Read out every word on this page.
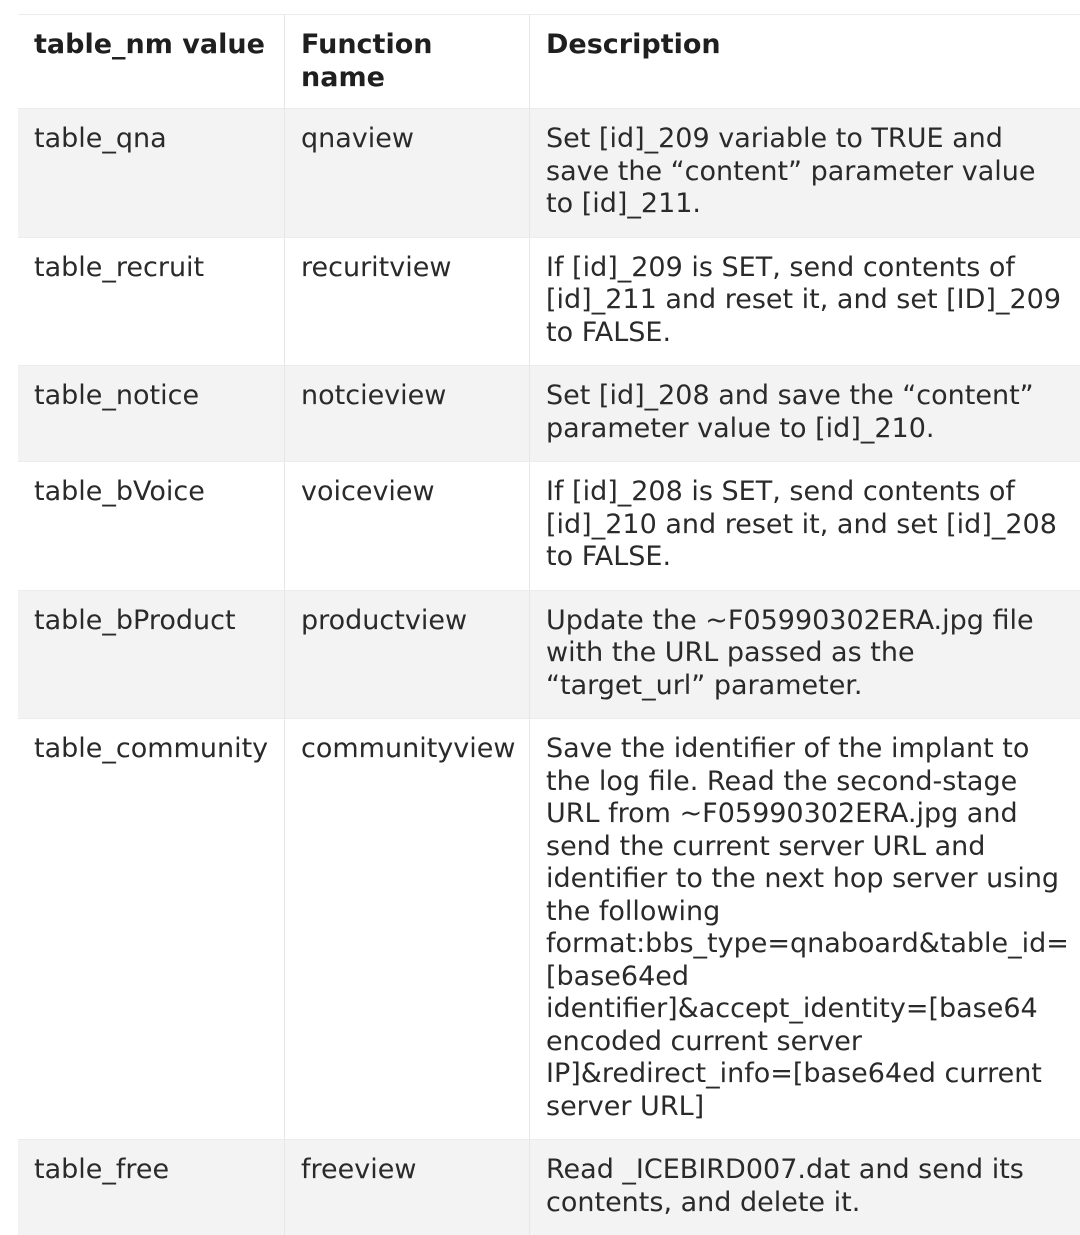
table_nm value	Function name	Description
table_qna	qnaview	Set [id]_209 variable to TRUE and save the “content” parameter value to [id]_211.
table_recruit	recuritview	If [id]_209 is SET, send contents of [id]_211 and reset it, and set [ID]_209 to FALSE.
table_notice	notcieview	Set [id]_208 and save the “content” parameter value to [id]_210.
table_bVoice	voiceview	If [id]_208 is SET, send contents of [id]_210 and reset it, and set [id]_208 to FALSE.
table_bProduct	productview	Update the ~F05990302ERA.jpg file with the URL passed as the “target_url” parameter.
table_community	communityview	Save the identifier of the implant to the log file. Read the second-stage URL from ~F05990302ERA.jpg and send the current server URL and identifier to the next hop server using the following format:bbs_type=qnaboard&table_id=[base64ed identifier]&accept_identity=[base64 encoded current server IP]&redirect_info=[base64ed current server URL]
table_free	freeview	Read _ICEBIRD007.dat and send its contents, and delete it.
